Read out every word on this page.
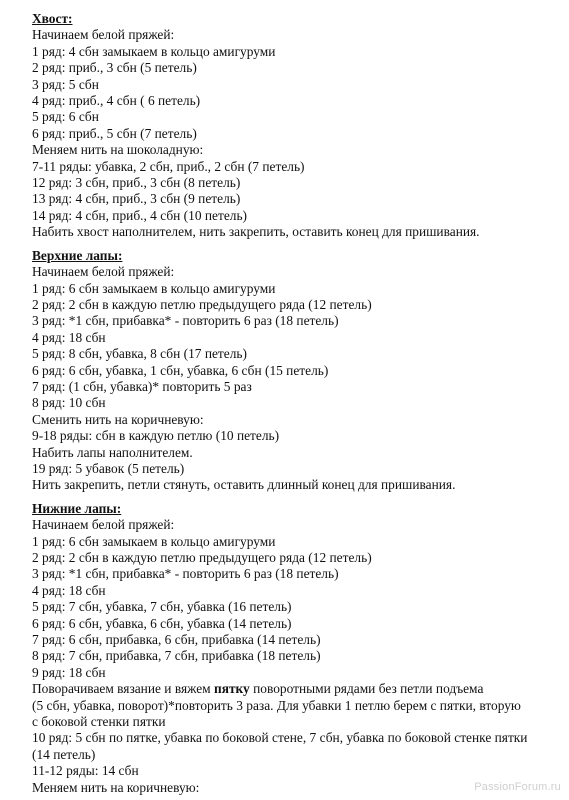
Хвост:
Начинаем белой пряжей:
1 ряд: 4 сбн замыкаем в кольцо амигуруми
2 ряд: приб., 3 сбн (5 петель)
3 ряд: 5 сбн
4 ряд: приб., 4 сбн ( 6 петель)
5 ряд: 6 сбн
6 ряд: приб., 5 сбн (7 петель)
Меняем нить на шоколадную:
7-11 ряды: убавка, 2 сбн, приб., 2 сбн (7 петель)
12 ряд: 3 сбн, приб., 3 сбн (8 петель)
13 ряд: 4 сбн, приб., 3 сбн (9 петель)
14 ряд: 4 сбн, приб., 4 сбн (10 петель)
Набить хвост наполнителем, нить закрепить, оставить конец для пришивания.
Верхние лапы:
Начинаем белой пряжей:
1 ряд: 6 сбн замыкаем в кольцо амигуруми
2 ряд: 2 сбн в каждую петлю предыдущего ряда (12 петель)
3 ряд: *1 сбн, прибавка* - повторить 6 раз (18 петель)
4 ряд: 18 сбн
5 ряд: 8 сбн, убавка, 8 сбн (17 петель)
6 ряд: 6 сбн, убавка, 1 сбн, убавка, 6 сбн (15 петель)
7 ряд: (1 сбн, убавка)* повторить 5 раз
8 ряд: 10 сбн
Сменить нить на коричневую:
9-18 ряды: сбн в каждую петлю (10 петель)
Набить лапы наполнителем.
19 ряд: 5 убавок (5 петель)
Нить закрепить, петли стянуть, оставить длинный конец для пришивания.
Нижние лапы:
Начинаем белой пряжей:
1 ряд: 6 сбн замыкаем в кольцо амигуруми
2 ряд: 2 сбн в каждую петлю предыдущего ряда (12 петель)
3 ряд: *1 сбн, прибавка* - повторить 6 раз (18 петель)
4 ряд: 18 сбн
5 ряд: 7 сбн, убавка, 7 сбн, убавка (16 петель)
6 ряд: 6 сбн, убавка, 6 сбн, убавка (14 петель)
7 ряд: 6 сбн, прибавка, 6 сбн, прибавка (14 петель)
8 ряд: 7 сбн, прибавка, 7 сбн, прибавка (18 петель)
9 ряд: 18 сбн
Поворачиваем вязание и вяжем пятку поворотными рядами без петли подъема
(5 сбн, убавка, поворот)*повторить 3 раза. Для убавки 1 петлю берем с пятки, вторую
с боковой стенки пятки
10 ряд: 5 сбн по пятке, убавка по боковой стене, 7 сбн, убавка по боковой стенке пятки
(14 петель)
11-12 ряды: 14 сбн
Меняем нить на коричневую:	PassionForum.ru
